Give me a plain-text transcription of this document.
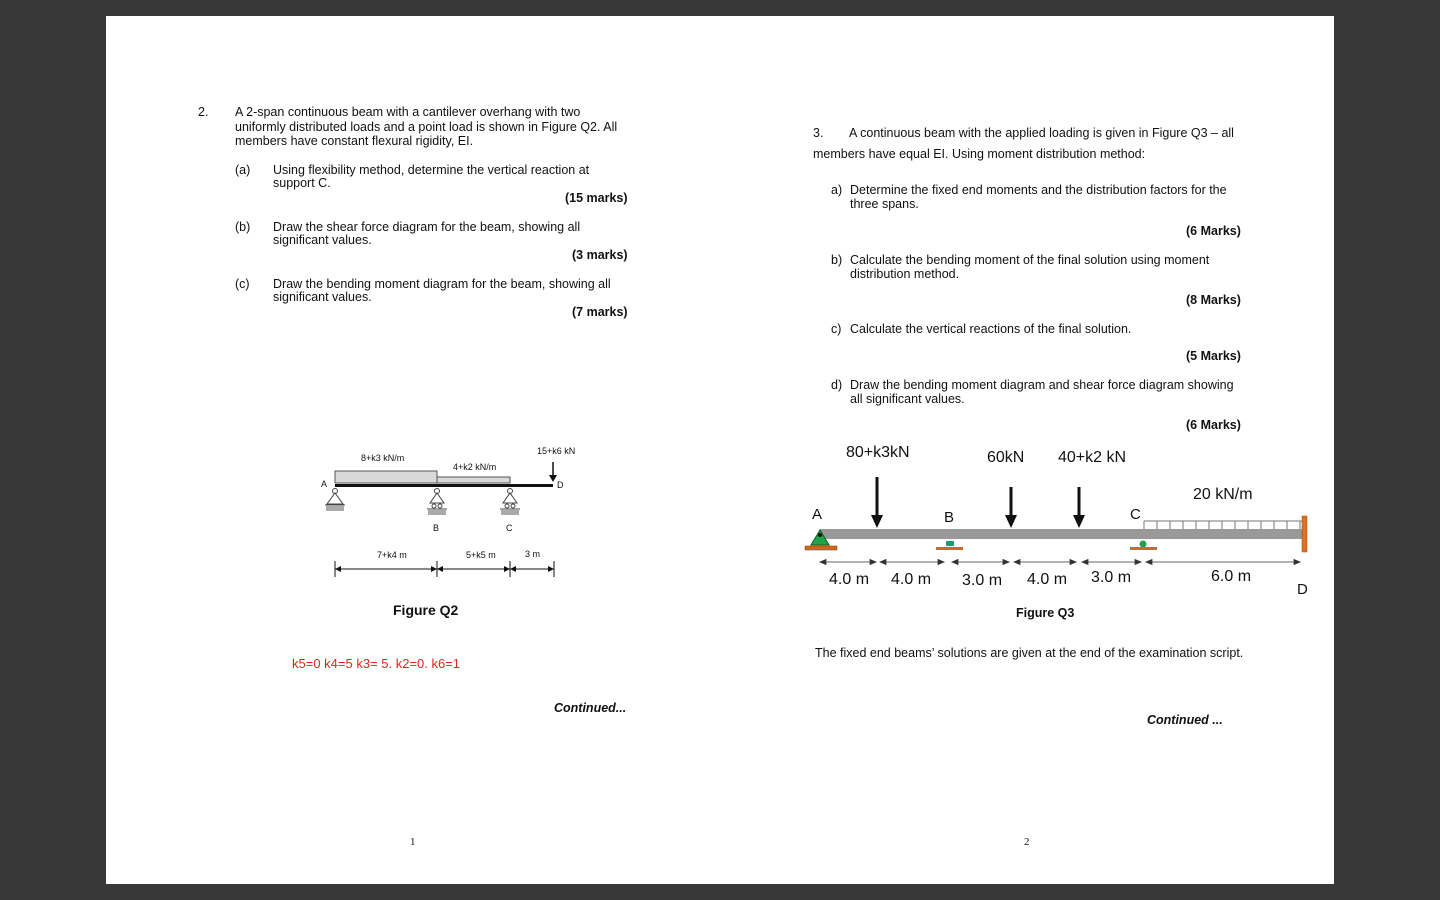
2. A 2-span continuous beam with a cantilever overhang with two
uniformly distributed loads and a point load is shown in Figure Q2. All
members have constant flexural rigidity, EI.
(a) Using flexibility method, determine the vertical reaction at
support C.
(15 marks)
(b) Draw the shear force diagram for the beam, showing all
significant values.
(3 marks)
(c) Draw the bending moment diagram for the beam, showing all
significant values.
(7 marks)
8+k3 kN/m
4+k2 kN/m
15+k6 kN
A
B	C
D
7+k4 m	5+k5 m	3 m
Figure Q2
k5=0 k4=5 k3= 5. k2=0. k6=1
Continued...
1
3. A continuous beam with the applied loading is given in Figure Q3 – all
members have equal EI. Using moment distribution method:
a) Determine the fixed end moments and the distribution factors for the
three spans.
(6 Marks)
b) Calculate the bending moment of the final solution using moment
distribution method.
(8 Marks)
c) Calculate the vertical reactions of the final solution.
(5 Marks)
d) Draw the bending moment diagram and shear force diagram showing
all significant values.
(6 Marks)
80+k3kN	60kN 40+k2 kN
20 kN/m
A	B	C
D
4.0 m 4.0 m 3.0 m 4.0 m 3.0 m	6.0 m
Figure Q3
The fixed end beams’ solutions are given at the end of the examination script.
Continued ...
2
